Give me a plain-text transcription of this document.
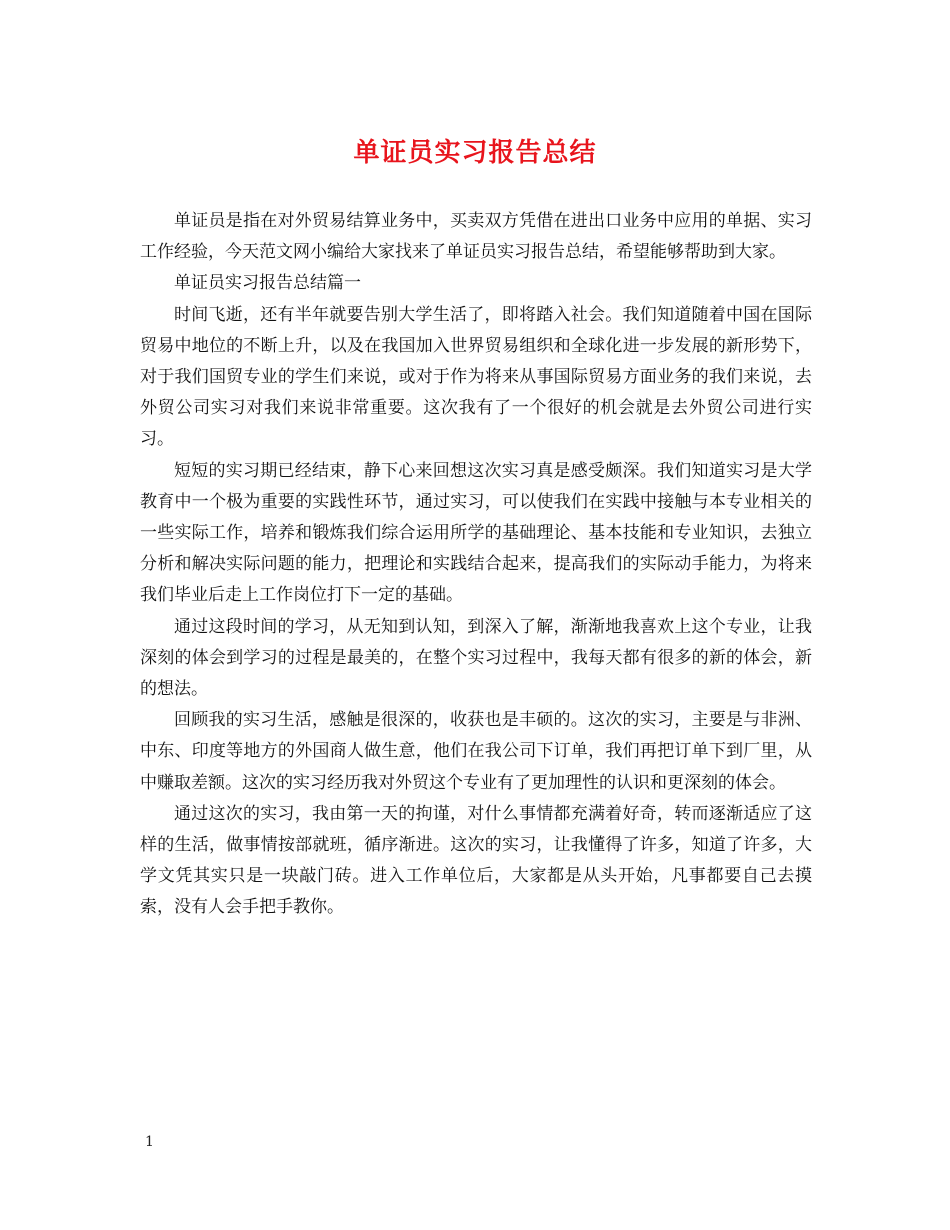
单证员实习报告总结

单证员是指在对外贸易结算业务中，买卖双方凭借在进出口业务中应用的单据、实习工作经验，今天范文网小编给大家找来了单证员实习报告总结，希望能够帮助到大家。

单证员实习报告总结篇一

时间飞逝，还有半年就要告别大学生活了，即将踏入社会。我们知道随着中国在国际贸易中地位的不断上升，以及在我国加入世界贸易组织和全球化进一步发展的新形势下，对于我们国贸专业的学生们来说，或对于作为将来从事国际贸易方面业务的我们来说，去外贸公司实习对我们来说非常重要。这次我有了一个很好的机会就是去外贸公司进行实习。

短短的实习期已经结束，静下心来回想这次实习真是感受颇深。我们知道实习是大学教育中一个极为重要的实践性环节，通过实习，可以使我们在实践中接触与本专业相关的一些实际工作，培养和锻炼我们综合运用所学的基础理论、基本技能和专业知识，去独立分析和解决实际问题的能力，把理论和实践结合起来，提高我们的实际动手能力，为将来我们毕业后走上工作岗位打下一定的基础。

通过这段时间的学习，从无知到认知，到深入了解，渐渐地我喜欢上这个专业，让我深刻的体会到学习的过程是最美的，在整个实习过程中，我每天都有很多的新的体会，新的想法。

回顾我的实习生活，感触是很深的，收获也是丰硕的。这次的实习，主要是与非洲、中东、印度等地方的外国商人做生意，他们在我公司下订单，我们再把订单下到厂里，从中赚取差额。这次的实习经历我对外贸这个专业有了更加理性的认识和更深刻的体会。

通过这次的实习，我由第一天的拘谨，对什么事情都充满着好奇，转而逐渐适应了这样的生活，做事情按部就班，循序渐进。这次的实习，让我懂得了许多，知道了许多，大学文凭其实只是一块敲门砖。进入工作单位后，大家都是从头开始，凡事都要自己去摸索，没有人会手把手教你。

1
